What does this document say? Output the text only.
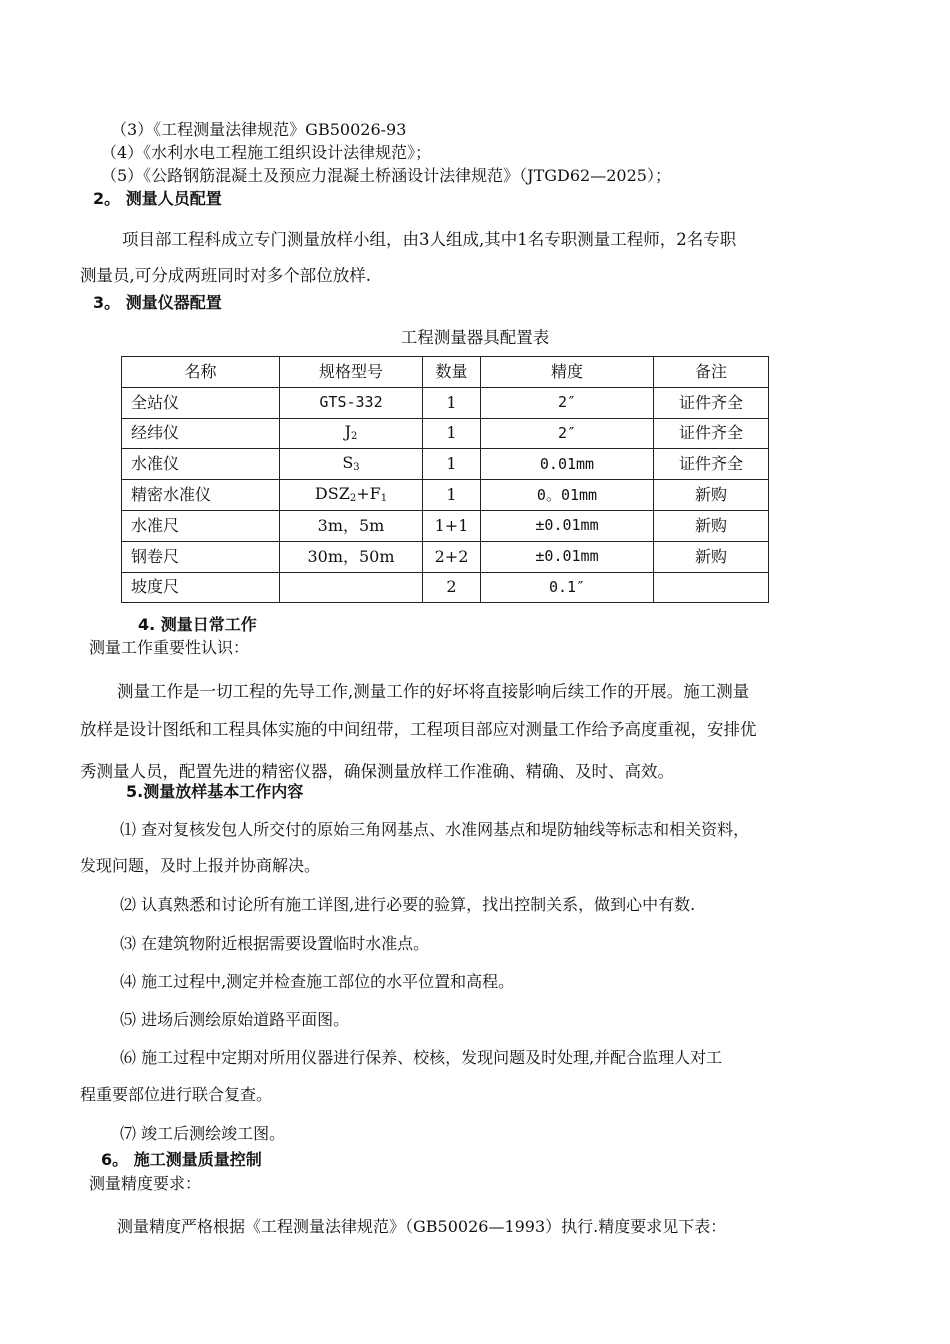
（3）《工程测量法律规范》GB50026-93
（4）《水利水电工程施工组织设计法律规范》；
（5）《公路钢筋混凝土及预应力混凝土桥涵设计法律规范》（JTGD62—2025）；
2。 测量人员配置
项目部工程科成立专门测量放样小组，由3人组成,其中1名专职测量工程师，2名专职
测量员,可分成两班同时对多个部位放样.
3。 测量仪器配置
工程测量器具配置表
名称	规格型号	数量	精度	备注
全站仪	GTS-332	1	2″	证件齐全
经纬仪	$J_2$	1	2″	证件齐全
水准仪	$S_3$	1	0.01mm	证件齐全
精密水准仪	$DSZ_2+F_1$	1	0。01mm	新购
水准尺	3m，5m	1+1	±0.01mm	新购
钢卷尺	30m，50m	2+2	±0.01mm	新购
坡度尺		2	0.1″	
4. 测量日常工作
测量工作重要性认识：
测量工作是一切工程的先导工作,测量工作的好坏将直接影响后续工作的开展。施工测量
放样是设计图纸和工程具体实施的中间纽带，工程项目部应对测量工作给予高度重视，安排优
秀测量人员，配置先进的精密仪器，确保测量放样工作准确、精确、及时、高效。
5.测量放样基本工作内容
⑴ 查对复核发包人所交付的原始三角网基点、水准网基点和堤防轴线等标志和相关资料，
发现问题，及时上报并协商解决。
⑵ 认真熟悉和讨论所有施工详图,进行必要的验算，找出控制关系，做到心中有数.
⑶ 在建筑物附近根据需要设置临时水准点。
⑷ 施工过程中,测定并检查施工部位的水平位置和高程。
⑸ 进场后测绘原始道路平面图。
⑹ 施工过程中定期对所用仪器进行保养、校核，发现问题及时处理,并配合监理人对工
程重要部位进行联合复查。
⑺ 竣工后测绘竣工图。
6。 施工测量质量控制
测量精度要求：
测量精度严格根据《工程测量法律规范》（GB50026—1993）执行.精度要求见下表：
